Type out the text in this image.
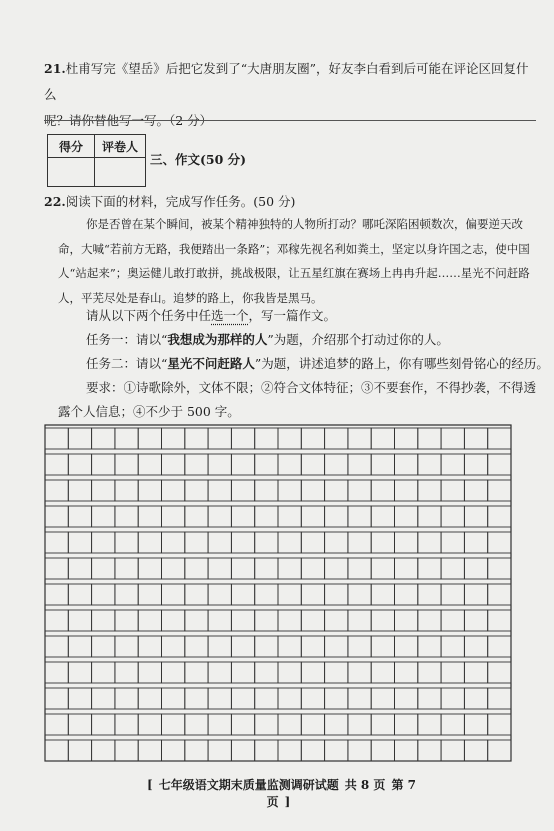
21.杜甫写完《望岳》后把它发到了“大唐朋友圈”，好友李白看到后可能在评论区回复什么
呢？请你替他写一写。（2 分）
得分	评卷人

三、作文(50 分)
22.阅读下面的材料，完成写作任务。(50 分)
你是否曾在某个瞬间，被某个精神独特的人物所打动？哪吒深陷困顿数次，偏要逆天改命，大喊“若前方无路，我便踏出一条路”；邓稼先视名利如粪土，坚定以身许国之志，使中国人“站起来”；奥运健儿敢打敢拼，挑战极限，让五星红旗在赛场上冉冉升起……星光不问赶路人，平芜尽处是春山。追梦的路上，你我皆是黑马。
请从以下两个任务中任选一个，写一篇作文。
任务一：请以“我想成为那样的人”为题，介绍那个打动过你的人。
任务二：请以“星光不问赶路人”为题，讲述追梦的路上，你有哪些刻骨铭心的经历。
要求：①诗歌除外，文体不限；②符合文体特征；③不要套作，不得抄袭，不得透露个人信息；④不少于 500 字。
[ 七年级语文期末质量监测调研试题 共 8 页 第 7 页 ]
